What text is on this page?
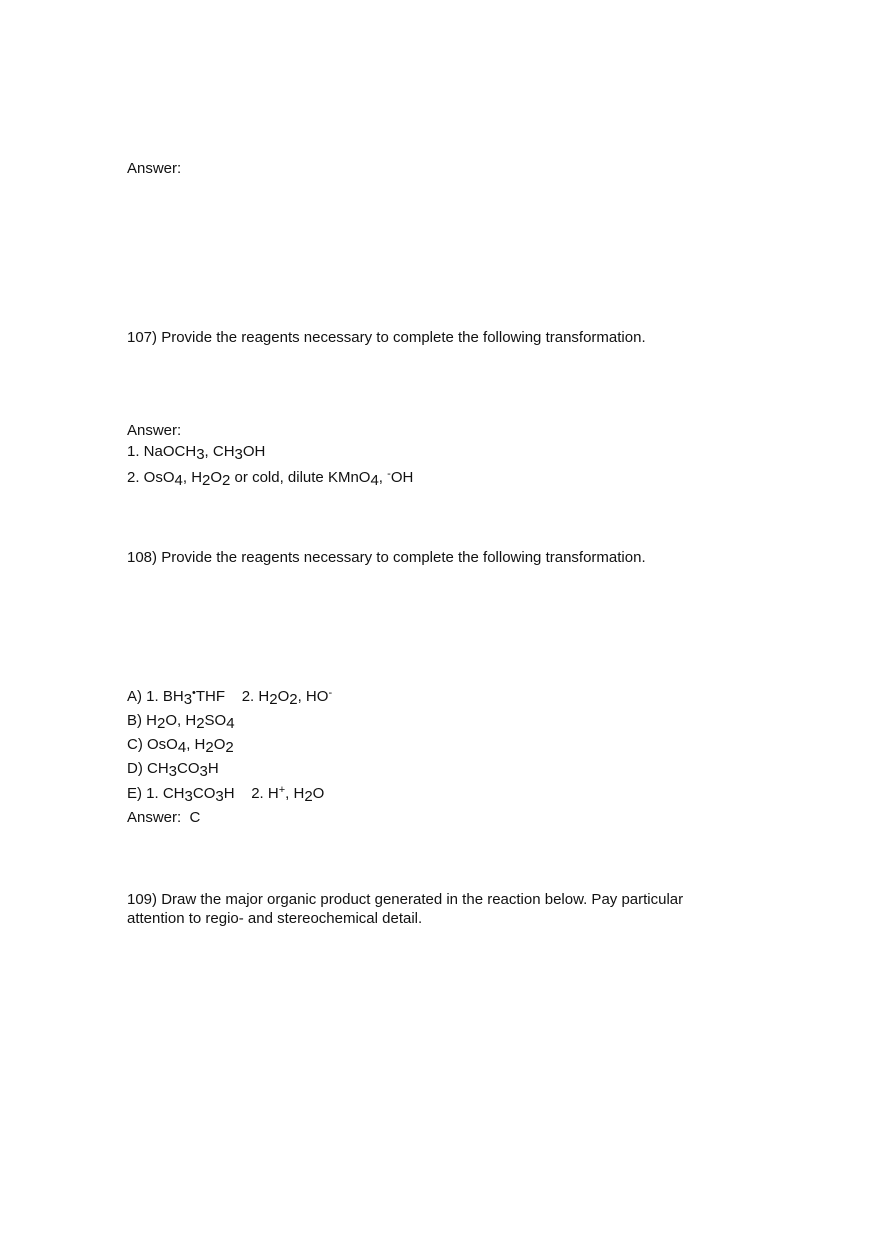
Answer:
107) Provide the reagents necessary to complete the following transformation.
Answer:
1. NaOCH3, CH3OH
2. OsO4, H2O2 or cold, dilute KMnO4, -OH
108) Provide the reagents necessary to complete the following transformation.
A) 1. BH3•THF    2. H2O2, HO-
B) H2O, H2SO4
C) OsO4, H2O2
D) CH3CO3H
E) 1. CH3CO3H    2. H+, H2O
Answer:  C
109) Draw the major organic product generated in the reaction below. Pay particular
attention to regio- and stereochemical detail.
